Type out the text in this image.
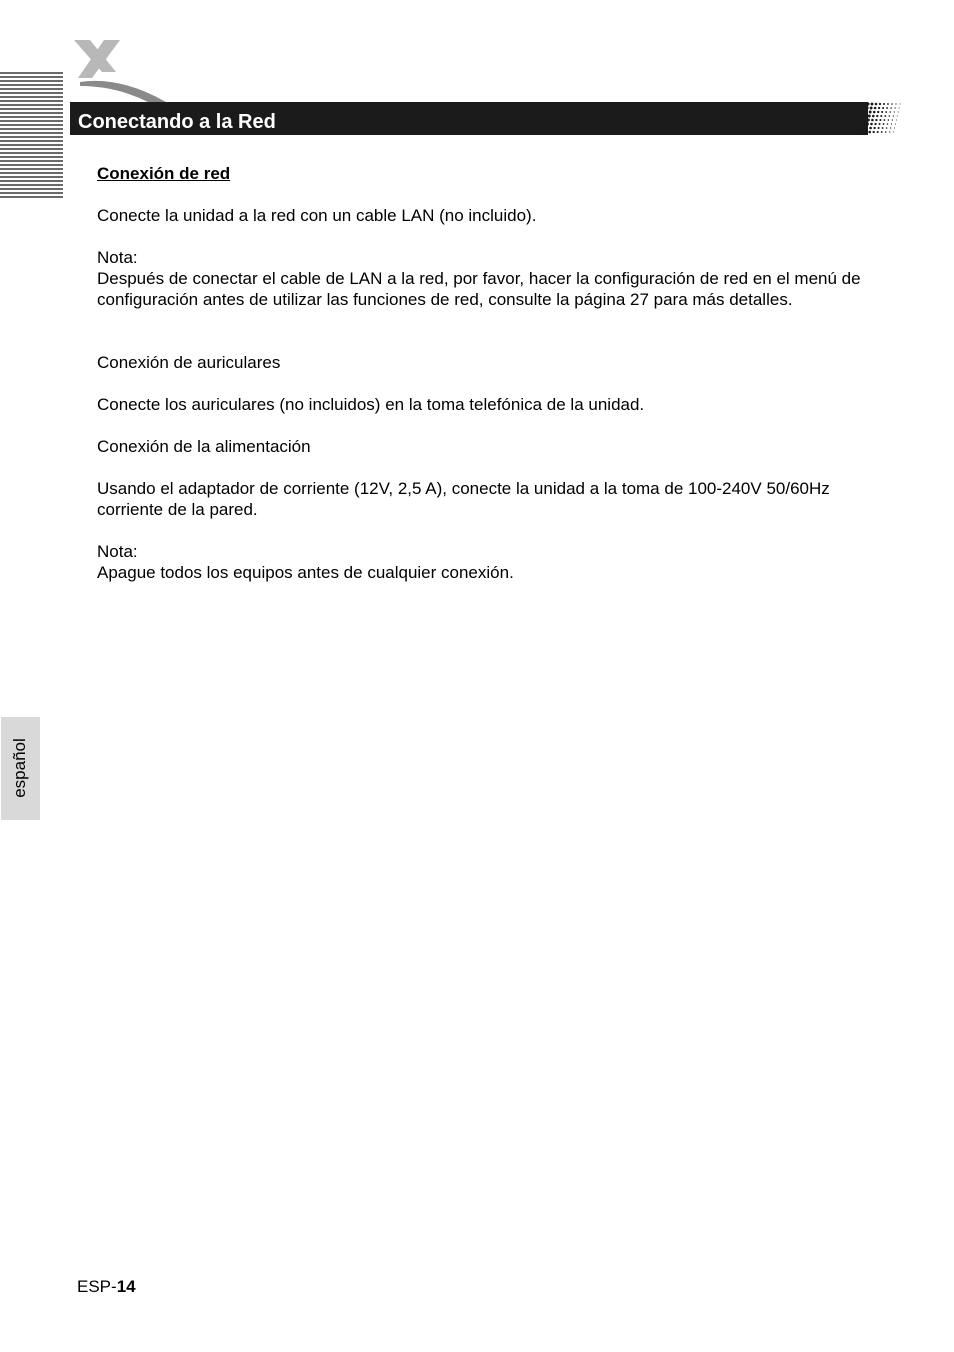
Conectando a la Red

Conexión de red

Conecte la unidad a la red con un cable LAN (no incluido).

Nota:

Después de conectar el cable de LAN a la red, por favor, hacer la configuración de red en el menú de configuración antes de utilizar las funciones de red, consulte la página 27 para más detalles.

Conexión de auriculares

Conecte los auriculares (no incluidos) en la toma telefónica de la unidad.

Conexión de la alimentación

Usando el adaptador de corriente (12V, 2,5 A), conecte la unidad a la toma de 100-240V 50/60Hz corriente de la pared.

Nota:

Apague todos los equipos antes de cualquier conexión.

español
ESP-14
